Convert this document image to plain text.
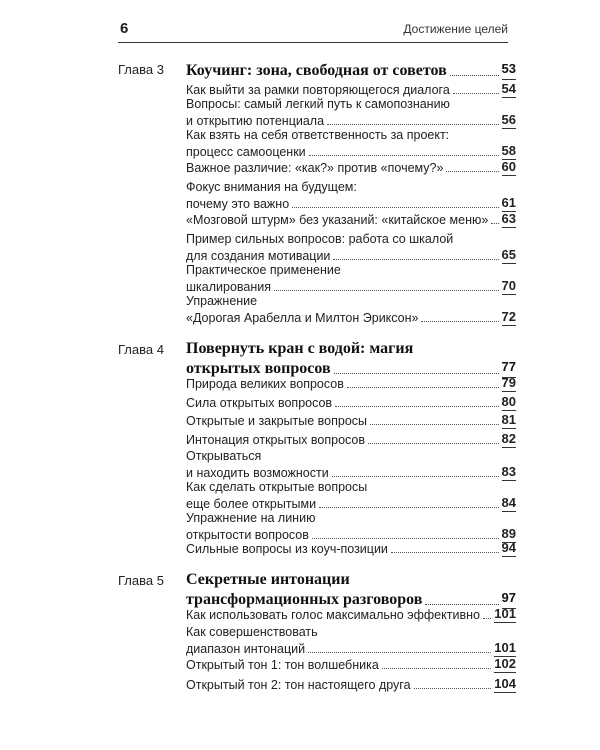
6	Достижение целей
Глава 3 Коучинг: зона, свободная от советов	53
Как выйти за рамки повторяющегося диалога	54
Вопросы: самый легкий путь к самопознанию
и открытию потенциала	56
Как взять на себя ответственность за проект:
процесс самооценки	58
Важное различие: «как?» против «почему?»	60
Фокус внимания на будущем:
почему это важно	61
«Мозговой штурм» без указаний: «китайское меню» 63
Пример сильных вопросов: работа со шкалой
для создания мотивации	65
Практическое применение
шкалирования	70
Упражнение
«Дорогая Арабелла и Милтон Эриксон»	72
Глава 4 Повернуть кран с водой: магия
открытых вопросов	77
Природа великих вопросов	79
Сила открытых вопросов	80
Открытые и закрытые вопросы	81
Интонация открытых вопросов	82
Открываться
и находить возможности	83
Как сделать открытые вопросы
еще более открытыми	84
Упражнение на линию
открытости вопросов	89
Сильные вопросы из коуч-позиции	94
Глава 5 Секретные интонации
трансформационных разговоров	97
Как использовать голос максимально эффективно 101
Как совершенствовать
диапазон интонаций	101
Открытый тон 1: тон волшебника	102
Открытый тон 2: тон настоящего друга	104
